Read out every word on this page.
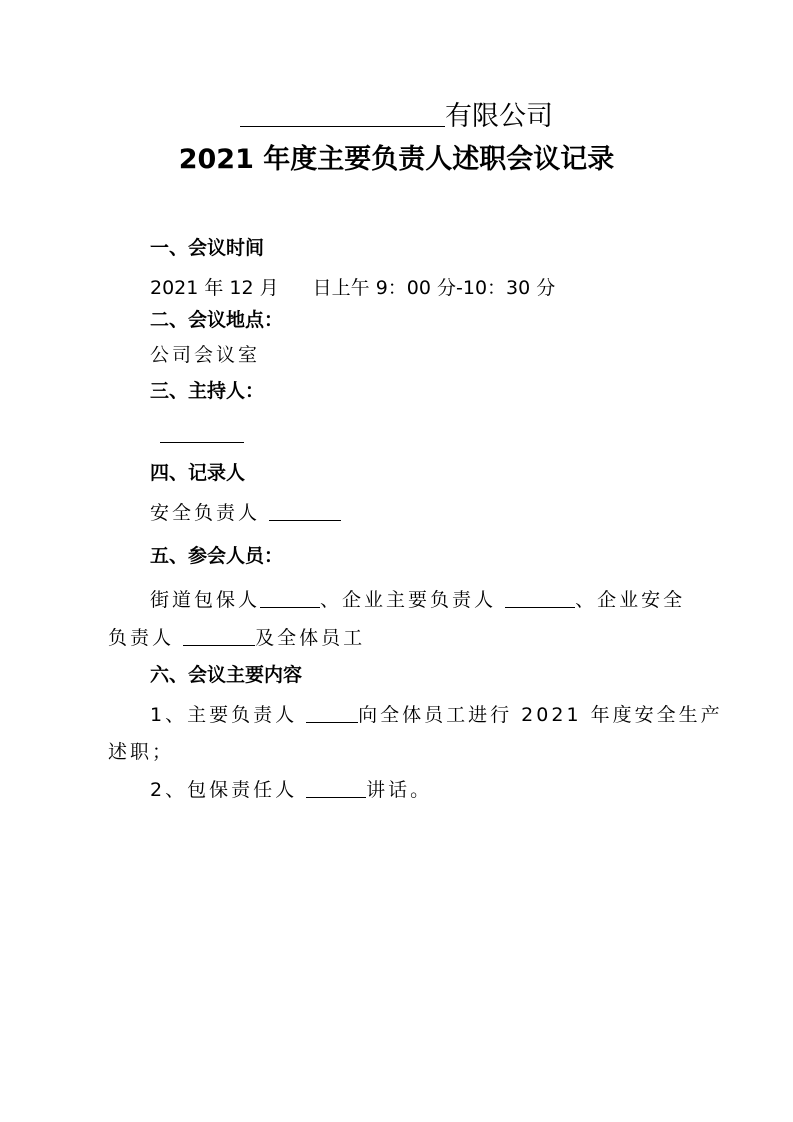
有限公司
2021 年度主要负责人述职会议记录
一、会议时间
2021 年 12 月 日上午 9：00 分-10：30 分
二、会议地点：
公司会议室
三、主持人：
四、记录人
安全负责人
五、参会人员：
街道包保人	、企业主要负责人	、企业安全
负责人	及全体员工
六、会议主要内容
1、主要负责人	向全体员工进行 2021 年度安全生产
述职；
2、包保责任人	讲话。
